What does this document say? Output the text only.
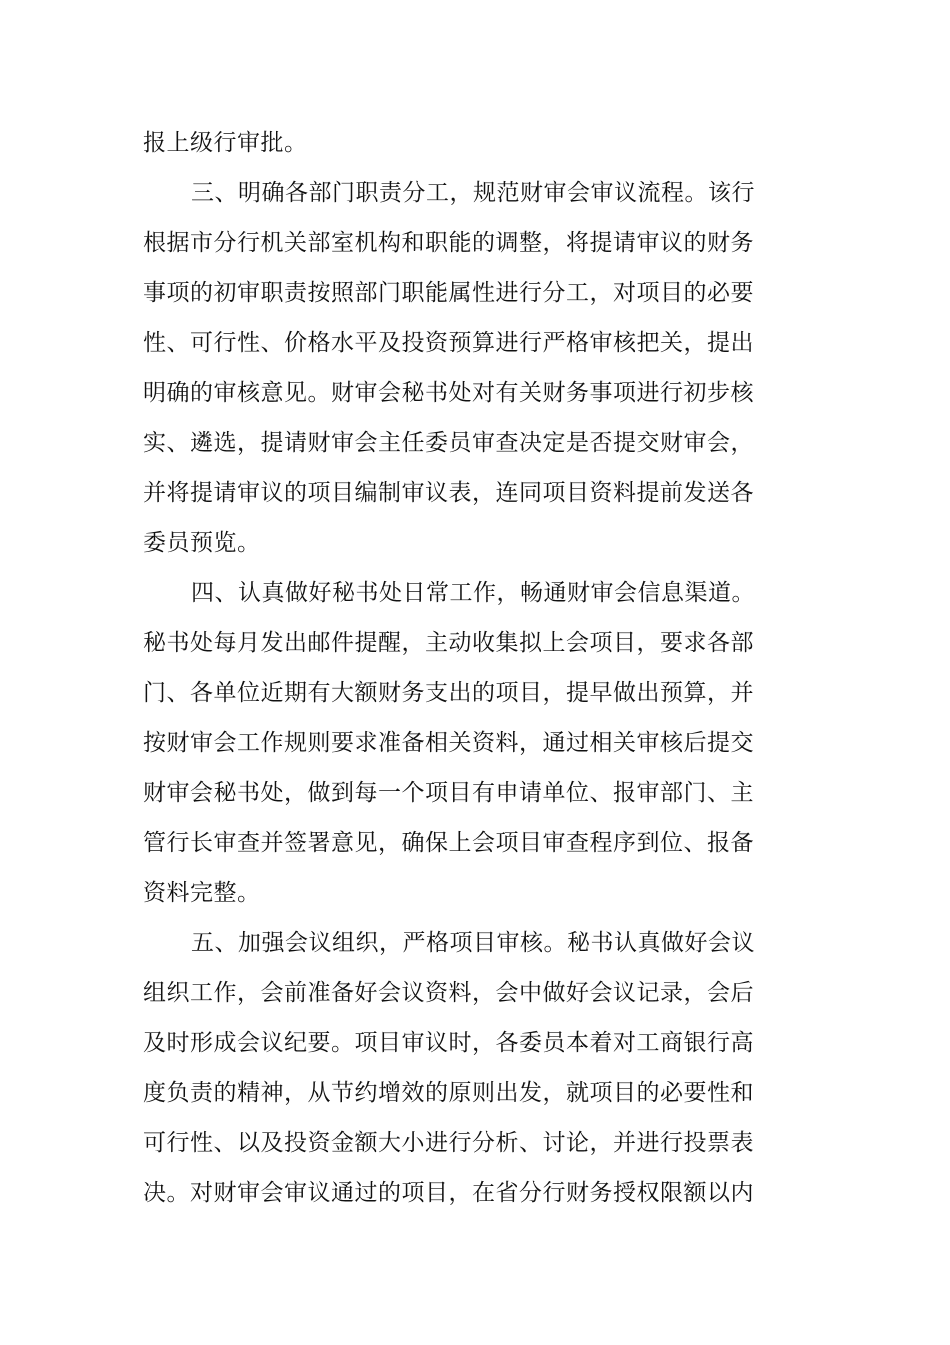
报上级行审批。
三、明确各部门职责分工，规范财审会审议流程。该行
根据市分行机关部室机构和职能的调整，将提请审议的财务
事项的初审职责按照部门职能属性进行分工，对项目的必要
性、可行性、价格水平及投资预算进行严格审核把关，提出
明确的审核意见。财审会秘书处对有关财务事项进行初步核
实、遴选，提请财审会主任委员审查决定是否提交财审会，
并将提请审议的项目编制审议表，连同项目资料提前发送各
委员预览。
四、认真做好秘书处日常工作，畅通财审会信息渠道。
秘书处每月发出邮件提醒，主动收集拟上会项目，要求各部
门、各单位近期有大额财务支出的项目，提早做出预算，并
按财审会工作规则要求准备相关资料，通过相关审核后提交
财审会秘书处，做到每一个项目有申请单位、报审部门、主
管行长审查并签署意见，确保上会项目审查程序到位、报备
资料完整。
五、加强会议组织，严格项目审核。秘书认真做好会议
组织工作，会前准备好会议资料，会中做好会议记录，会后
及时形成会议纪要。项目审议时，各委员本着对工商银行高
度负责的精神，从节约增效的原则出发，就项目的必要性和
可行性、以及投资金额大小进行分析、讨论，并进行投票表
决。对财审会审议通过的项目，在省分行财务授权限额以内
